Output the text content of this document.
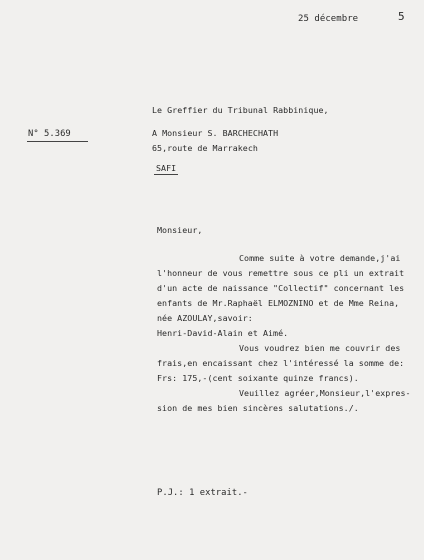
25 décembre	5
Le Greffier du Tribunal Rabbinique,
N° 5.369	A Monsieur S. BARCHECHATH
65,route de Marrakech
SAFI
Monsieur,
Comme suite à votre demande,j'ai
l'honneur de vous remettre sous ce pli un extrait
d'un acte de naissance "Collectif" concernant les
enfants de Mr.Raphaël ELMOZNINO et de Mme Reina,
née AZOULAY,savoir:
Henri-David-Alain et Aimé.
Vous voudrez bien me couvrir des
frais,en encaissant chez l'intéressé la somme de:
Frs: 175,-(cent soixante quinze francs).
Veuillez agréer,Monsieur,l'expres-
sion de mes bien sincères salutations./.
P.J.: 1 extrait.-
